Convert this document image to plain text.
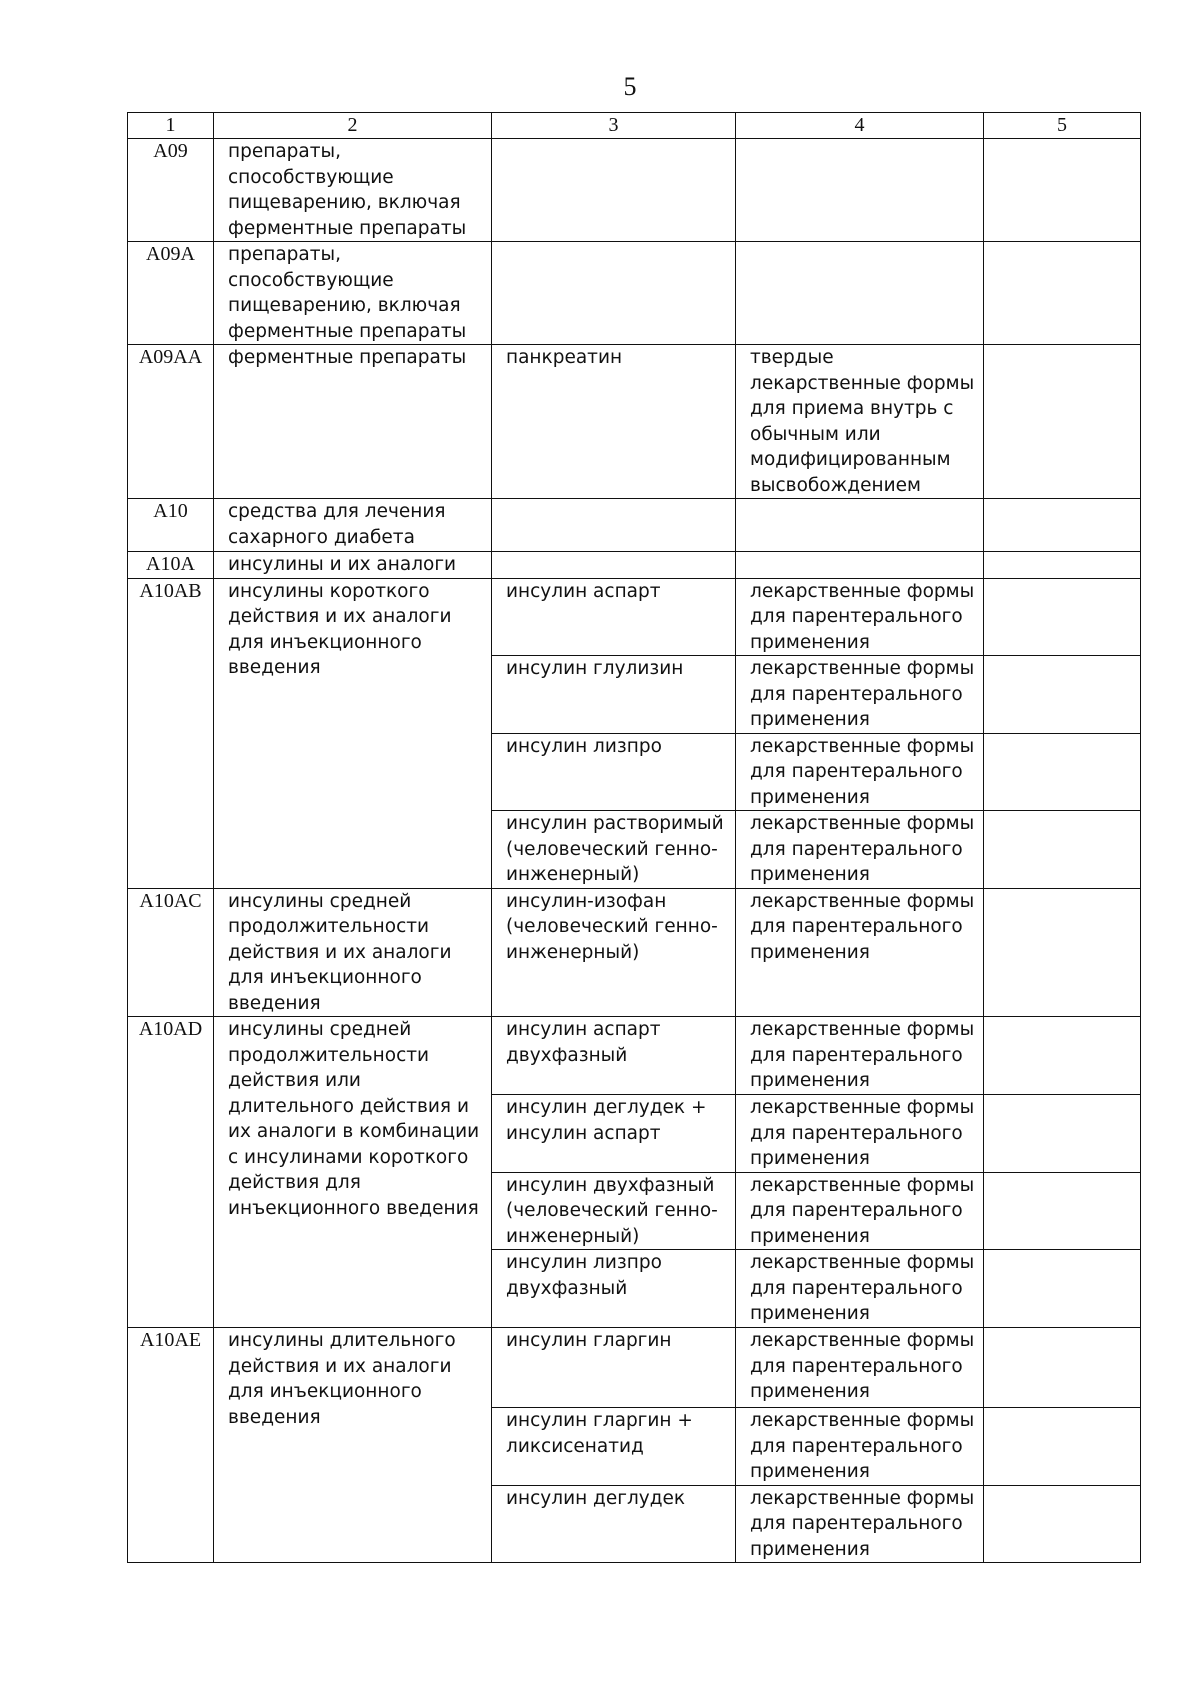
5
1	2	3	4	5
A09	препараты, способствующие пищеварению, включая ферментные препараты			
A09A	препараты, способствующие пищеварению, включая ферментные препараты			
A09AA	ферментные препараты	панкреатин	твердые лекарственные формы для приема внутрь с обычным или модифицированным высвобождением	
A10	средства для лечения сахарного диабета			
A10A	инсулины и их аналоги			
A10AB	инсулины короткого действия и их аналоги для инъекционного введения	инсулин аспарт	лекарственные формы для парентерального применения	
		инсулин глулизин	лекарственные формы для парентерального применения	
		инсулин лизпро	лекарственные формы для парентерального применения	
		инсулин растворимый (человеческий генно-инженерный)	лекарственные формы для парентерального применения	
A10AC	инсулины средней продолжительности действия и их аналоги для инъекционного введения	инсулин-изофан (человеческий генно-инженерный)	лекарственные формы для парентерального применения	
A10AD	инсулины средней продолжительности действия или длительного действия и их аналоги в комбинации с инсулинами короткого действия для инъекционного введения	инсулин аспарт двухфазный	лекарственные формы для парентерального применения	
		инсулин деглудек + инсулин аспарт	лекарственные формы для парентерального применения	
		инсулин двухфазный (человеческий генно-инженерный)	лекарственные формы для парентерального применения	
		инсулин лизпро двухфазный	лекарственные формы для парентерального применения	
A10AE	инсулины длительного действия и их аналоги для инъекционного введения	инсулин гларгин	лекарственные формы для парентерального применения	
		инсулин гларгин + ликсисенатид	лекарственные формы для парентерального применения	
		инсулин деглудек	лекарственные формы для парентерального применения	
